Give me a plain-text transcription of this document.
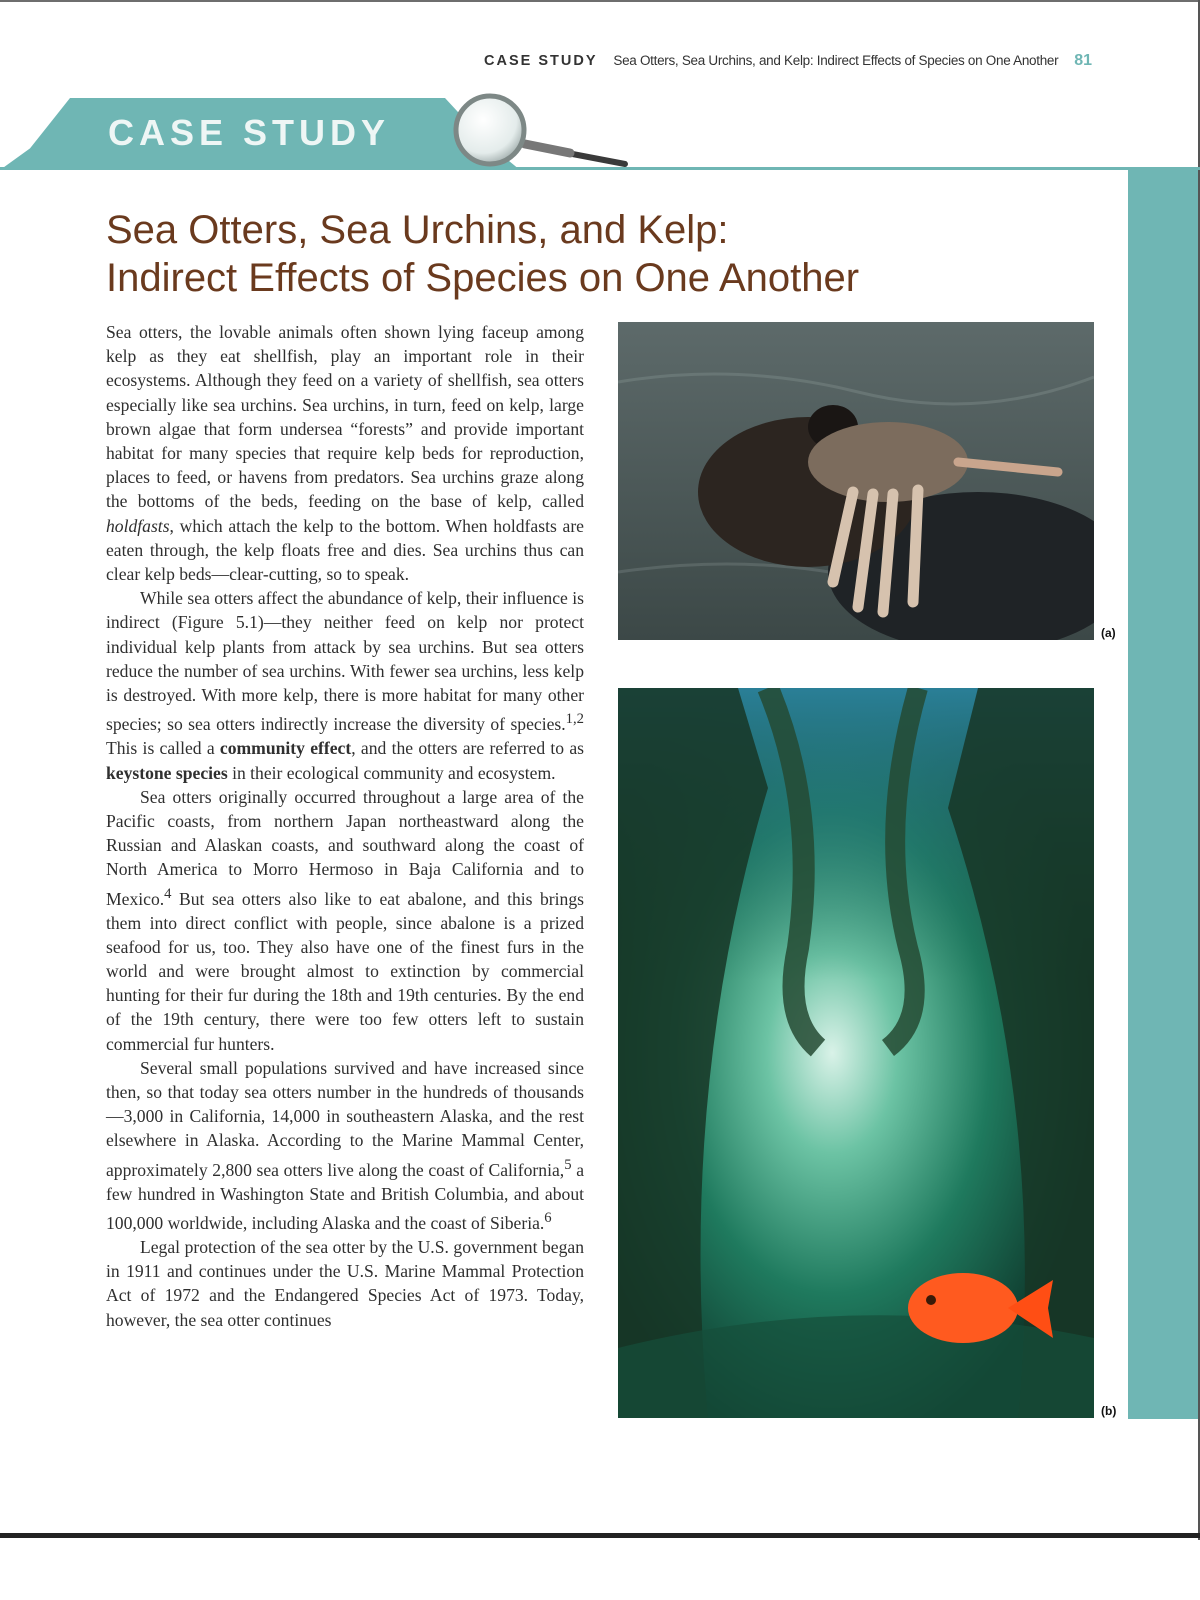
CASE STUDY Sea Otters, Sea Urchins, and Kelp: Indirect Effects of Species on One Another 81
CASE STUDY
Sea Otters, Sea Urchins, and Kelp:
Indirect Effects of Species on One Another

Sea otters, the lovable animals often shown lying faceup among kelp as they eat shellfish, play an important role in their ecosystems. Although they feed on a variety of shellfish, sea otters especially like sea urchins. Sea urchins, in turn, feed on kelp, large brown algae that form undersea “forests” and provide important habitat for many species that require kelp beds for reproduction, places to feed, or havens from predators. Sea urchins graze along the bottoms of the beds, feeding on the base of kelp, called holdfasts, which attach the kelp to the bottom. When holdfasts are eaten through, the kelp floats free and dies. Sea urchins thus can clear kelp beds—clear-cutting, so to speak.

While sea otters affect the abundance of kelp, their influence is indirect (Figure 5.1)—they neither feed on kelp nor protect individual kelp plants from attack by sea urchins. But sea otters reduce the number of sea urchins. With fewer sea urchins, less kelp is destroyed. With more kelp, there is more habitat for many other species; so sea otters indirectly increase the diversity of species.$^{1,2}$ This is called a community effect, and the otters are referred to as keystone species in their ecological community and ecosystem.

Sea otters originally occurred throughout a large area of the Pacific coasts, from northern Japan northeastward along the Russian and Alaskan coasts, and southward along the coast of North America to Morro Hermoso in Baja California and to Mexico.$^4$ But sea otters also like to eat abalone, and this brings them into direct conflict with people, since abalone is a prized seafood for us, too. They also have one of the finest furs in the world and were brought almost to extinction by commercial hunting for their fur during the 18th and 19th centuries. By the end of the 19th century, there were too few otters left to sustain commercial fur hunters.

Several small populations survived and have increased since then, so that today sea otters number in the hundreds of thousands—3,000 in California, 14,000 in southeastern Alaska, and the rest elsewhere in Alaska. According to the Marine Mammal Center, approximately 2,800 sea otters live along the coast of California,$^5$ a few hundred in Washington State and British Columbia, and about 100,000 worldwide, including Alaska and the coast of Siberia.$^6$

Legal protection of the sea otter by the U.S. government began in 1911 and continues under the U.S. Marine Mammal Protection Act of 1972 and the Endangered Species Act of 1973. Today, however, the sea otter continues

(a)
(b)
